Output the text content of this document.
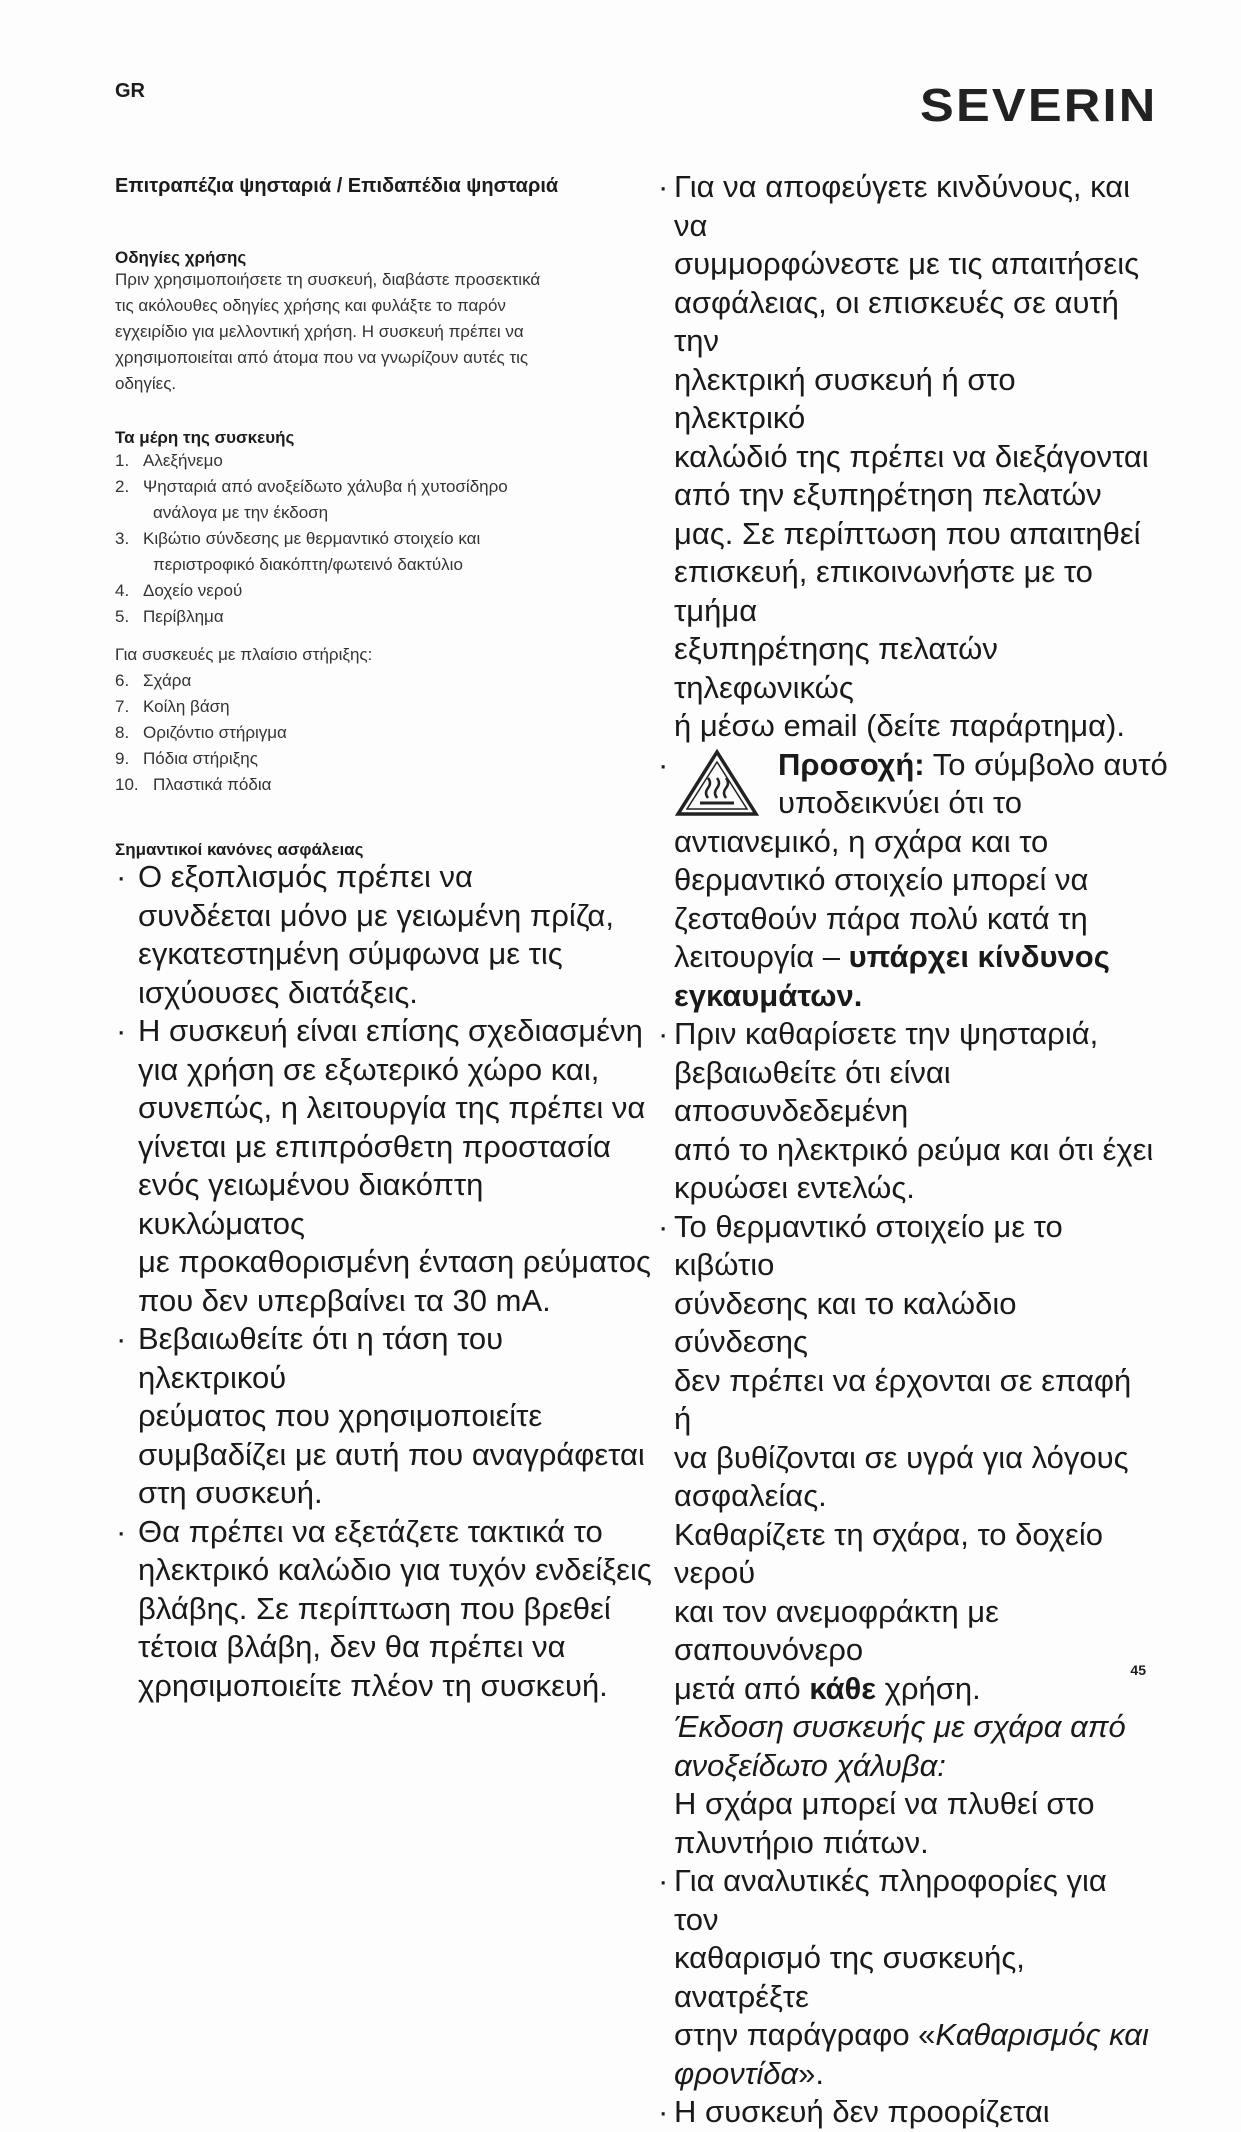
GR	SEVERIN
Επιτραπέζια ψησταριά / Επιδαπέδια ψησταριά
Οδηγίες χρήσης
Πριν χρησιμοποιήσετε τη συσκευή, διαβάστε προσεκτικά
τις ακόλουθες οδηγίες χρήσης και φυλάξτε το παρόν
εγχειρίδιο για μελλοντική χρήση. Η συσκευή πρέπει να
χρησιμοποιείται από άτομα που να γνωρίζουν αυτές τις
οδηγίες.
Τα μέρη της συσκευής
1. Αλεξήνεμο
2. Ψησταριά από ανοξείδωτο χάλυβα ή χυτοσίδηρο
ανάλογα με την έκδοση
3. Κιβώτιο σύνδεσης με θερμαντικό στοιχείο και
περιστροφικό διακόπτη/φωτεινό δακτύλιο
4. Δοχείο νερού
5. Περίβλημα
Για συσκευές με πλαίσιο στήριξης:
6. Σχάρα
7. Κοίλη βάση
8. Οριζόντιο στήριγμα
9. Πόδια στήριξης
10. Πλαστικά πόδια
Σημαντικοί κανόνες ασφάλειας
· Ο εξοπλισμός πρέπει να
συνδέεται μόνο με γειωμένη πρίζα,
εγκατεστημένη σύμφωνα με τις
ισχύουσες διατάξεις.
· Η συσκευή είναι επίσης σχεδιασμένη
για χρήση σε εξωτερικό χώρο και,
συνεπώς, η λειτουργία της πρέπει να
γίνεται με επιπρόσθετη προστασία
ενός γειωμένου διακόπτη κυκλώματος
με προκαθορισμένη ένταση ρεύματος
που δεν υπερβαίνει τα 30 mA.
· Βεβαιωθείτε ότι η τάση του ηλεκτρικού
ρεύματος που χρησιμοποιείτε
συμβαδίζει με αυτή που αναγράφεται
στη συσκευή.
· Θα πρέπει να εξετάζετε τακτικά το
ηλεκτρικό καλώδιο για τυχόν ενδείξεις
βλάβης. Σε περίπτωση που βρεθεί
τέτοια βλάβη, δεν θα πρέπει να
χρησιμοποιείτε πλέον τη συσκευή.
· Για να αποφεύγετε κινδύνους, και να
συμμορφώνεστε με τις απαιτήσεις
ασφάλειας, οι επισκευές σε αυτή την
ηλεκτρική συσκευή ή στο ηλεκτρικό
καλώδιό της πρέπει να διεξάγονται
από την εξυπηρέτηση πελατών
μας. Σε περίπτωση που απαιτηθεί
επισκευή, επικοινωνήστε με το τμήμα
εξυπηρέτησης πελατών τηλεφωνικώς
ή μέσω email (δείτε παράρτημα).
·	Προσοχή: Το σύμβολο αυτό
υποδεικνύει ότι το
αντιανεμικό, η σχάρα και το
θερμαντικό στοιχείο μπορεί να
ζεσταθούν πάρα πολύ κατά τη
λειτουργία – υπάρχει κίνδυνος
εγκαυμάτων.
· Πριν καθαρίσετε την ψησταριά,
βεβαιωθείτε ότι είναι αποσυνδεδεμένη
από το ηλεκτρικό ρεύμα και ότι έχει
κρυώσει εντελώς.
· Το θερμαντικό στοιχείο με το κιβώτιο
σύνδεσης και το καλώδιο σύνδεσης
δεν πρέπει να έρχονται σε επαφή ή
να βυθίζονται σε υγρά για λόγους
ασφαλείας.
Καθαρίζετε τη σχάρα, το δοχείο νερού
και τον ανεμοφράκτη με σαπουνόνερο
μετά από κάθε χρήση.
Έκδοση συσκευής με σχάρα από
ανοξείδωτο χάλυβα:
Η σχάρα μπορεί να πλυθεί στο
πλυντήριο πιάτων.
· Για αναλυτικές πληροφορίες για τον
καθαρισμό της συσκευής, ανατρέξτε
στην παράγραφο «Καθαρισμός και
φροντίδα».
· Η συσκευή δεν προορίζεται
45
